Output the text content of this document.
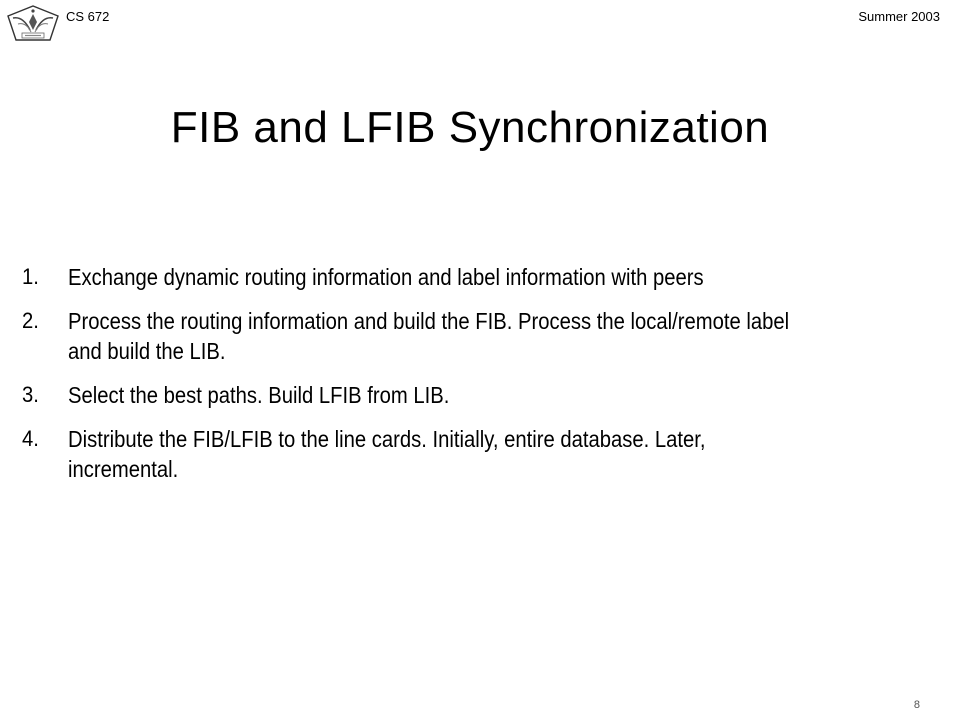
CS 672	Summer 2003
FIB and LFIB Synchronization
1.	Exchange dynamic routing information and label information with peers
2.	Process the routing information and build the FIB. Process the local/remote label and build the LIB.
3.	Select the best paths. Build LFIB from LIB.
4.	Distribute the FIB/LFIB to the line cards. Initially, entire database. Later, incremental.
8
